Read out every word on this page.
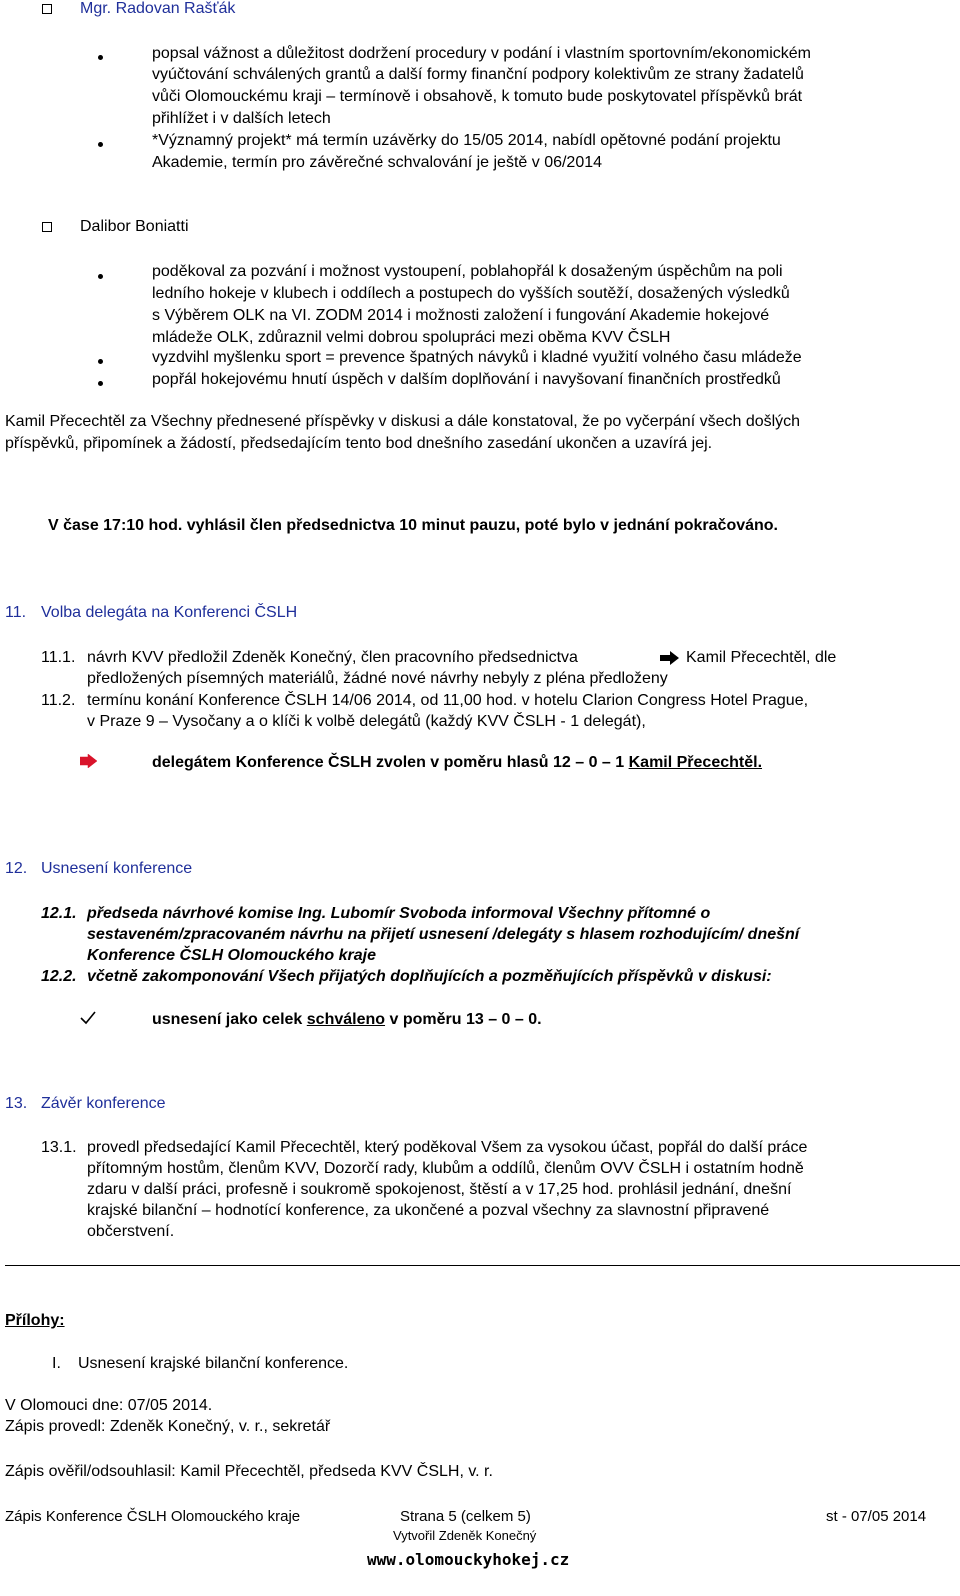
Mgr. Radovan Rašťák
popsal vážnost a důležitost dodržení procedury v podání i vlastním sportovním/ekonomickém
vyúčtování schválených grantů a další formy finanční podpory kolektivům ze strany žadatelů
vůči Olomouckému kraji – termínově i obsahově, k tomuto bude poskytovatel příspěvků brát
přihlížet i v dalších letech
*Významný projekt* má termín uzávěrky do 15/05 2014, nabídl opětovné podání projektu
Akademie, termín pro závěrečné schvalování je ještě v 06/2014
Dalibor Boniatti
poděkoval za pozvání i možnost vystoupení, poblahopřál k dosaženým úspěchům na poli
ledního hokeje v klubech i oddílech a postupech do vyšších soutěží, dosažených výsledků
s Výběrem OLK na VI. ZODM 2014 i možnosti založení i fungování Akademie hokejové
mládeže OLK, zdůraznil velmi dobrou spolupráci mezi oběma KVV ČSLH
vyzdvihl myšlenku sport = prevence špatných návyků i kladné využití volného času mládeže
popřál hokejovému hnutí úspěch v dalším doplňování i navyšovaní finančních prostředků
Kamil Přecechtěl za Všechny přednesené příspěvky v diskusi a dále konstatoval, že po vyčerpání všech došlých
příspěvků, připomínek a žádostí, předsedajícím tento bod dnešního zasedání ukončen a uzavírá jej.
V čase 17:10 hod. vyhlásil člen předsednictva 10 minut pauzu, poté bylo v jednání pokračováno.
11. Volba delegáta na Konferenci ČSLH
11.1. návrh KVV předložil Zdeněk Konečný, člen pracovního předsednictva	Kamil Přecechtěl, dle
předložených písemných materiálů, žádné nové návrhy nebyly z pléna předloženy
11.2. termínu konání Konference ČSLH 14/06 2014, od 11,00 hod. v hotelu Clarion Congress Hotel Prague,
v Praze 9 – Vysočany a o klíči k volbě delegátů (každý KVV ČSLH - 1 delegát),
delegátem Konference ČSLH zvolen v poměru hlasů 12 – 0 – 1 Kamil Přecechtěl.
12. Usnesení konference
12.1. předseda návrhové komise Ing. Lubomír Svoboda informoval Všechny přítomné o
sestaveném/zpracovaném návrhu na přijetí usnesení /delegáty s hlasem rozhodujícím/ dnešní
Konference ČSLH Olomouckého kraje
12.2. včetně zakomponování Všech přijatých doplňujících a pozměňujících příspěvků v diskusi:
usnesení jako celek schváleno v poměru 13 – 0 – 0.
13. Závěr konference
13.1. provedl předsedající Kamil Přecechtěl, který poděkoval Všem za vysokou účast, popřál do další práce
přítomným hostům, členům KVV, Dozorčí rady, klubům a oddílů, členům OVV ČSLH i ostatním hodně
zdaru v další práci, profesně i soukromě spokojenost, štěstí a v 17,25 hod. prohlásil jednání, dnešní
krajské bilanční – hodnotící konference, za ukončené a pozval všechny za slavnostní připravené
občerstvení.
Přílohy:
I. Usnesení krajské bilanční konference.
V Olomouci dne: 07/05 2014.
Zápis provedl: Zdeněk Konečný, v. r., sekretář
Zápis ověřil/odsouhlasil: Kamil Přecechtěl, předseda KVV ČSLH, v. r.
Zápis Konference ČSLH Olomouckého kraje	Strana 5 (celkem 5)	st - 07/05 2014
Vytvořil Zdeněk Konečný
www.olomouckyhokej.cz
